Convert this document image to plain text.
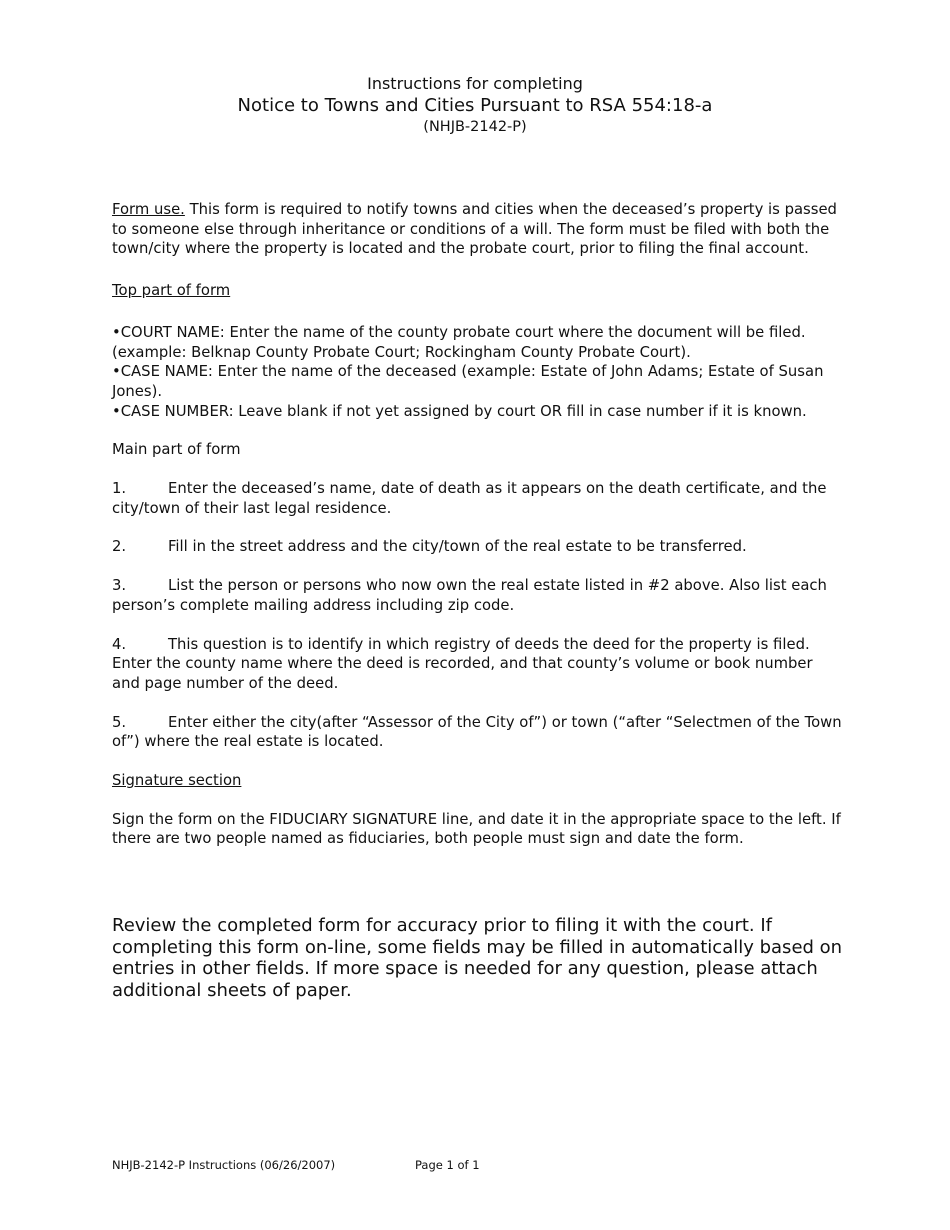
Instructions for completing
Notice to Towns and Cities Pursuant to RSA 554:18-a
(NHJB-2142-P)

Form use. This form is required to notify towns and cities when the deceased’s property is passed to someone else through inheritance or conditions of a will. The form must be filed with both the town/city where the property is located and the probate court, prior to filing the final account.

Top part of form

•COURT NAME: Enter the name of the county probate court where the document will be filed. (example: Belknap County Probate Court; Rockingham County Probate Court).

•CASE NAME: Enter the name of the deceased (example: Estate of John Adams; Estate of Susan Jones).

•CASE NUMBER: Leave blank if not yet assigned by court OR fill in case number if it is known.

Main part of form

1.	Enter the deceased’s name, date of death as it appears on the death certificate, and the city/town of their last legal residence.

2.	Fill in the street address and the city/town of the real estate to be transferred.

3.	List the person or persons who now own the real estate listed in #2 above. Also list each person’s complete mailing address including zip code.

4.	This question is to identify in which registry of deeds the deed for the property is filed. Enter the county name where the deed is recorded, and that county’s volume or book number and page number of the deed.

5.	Enter either the city(after “Assessor of the City of”) or town (“after “Selectmen of the Town of”) where the real estate is located.

Signature section

Sign the form on the FIDUCIARY SIGNATURE line, and date it in the appropriate space to the left. If there are two people named as fiduciaries, both people must sign and date the form.

Review the completed form for accuracy prior to filing it with the court. If completing this form on-line, some fields may be filled in automatically based on entries in other fields. If more space is needed for any question, please attach additional sheets of paper.
NHJB-2142-P Instructions (06/26/2007)	Page 1 of 1
